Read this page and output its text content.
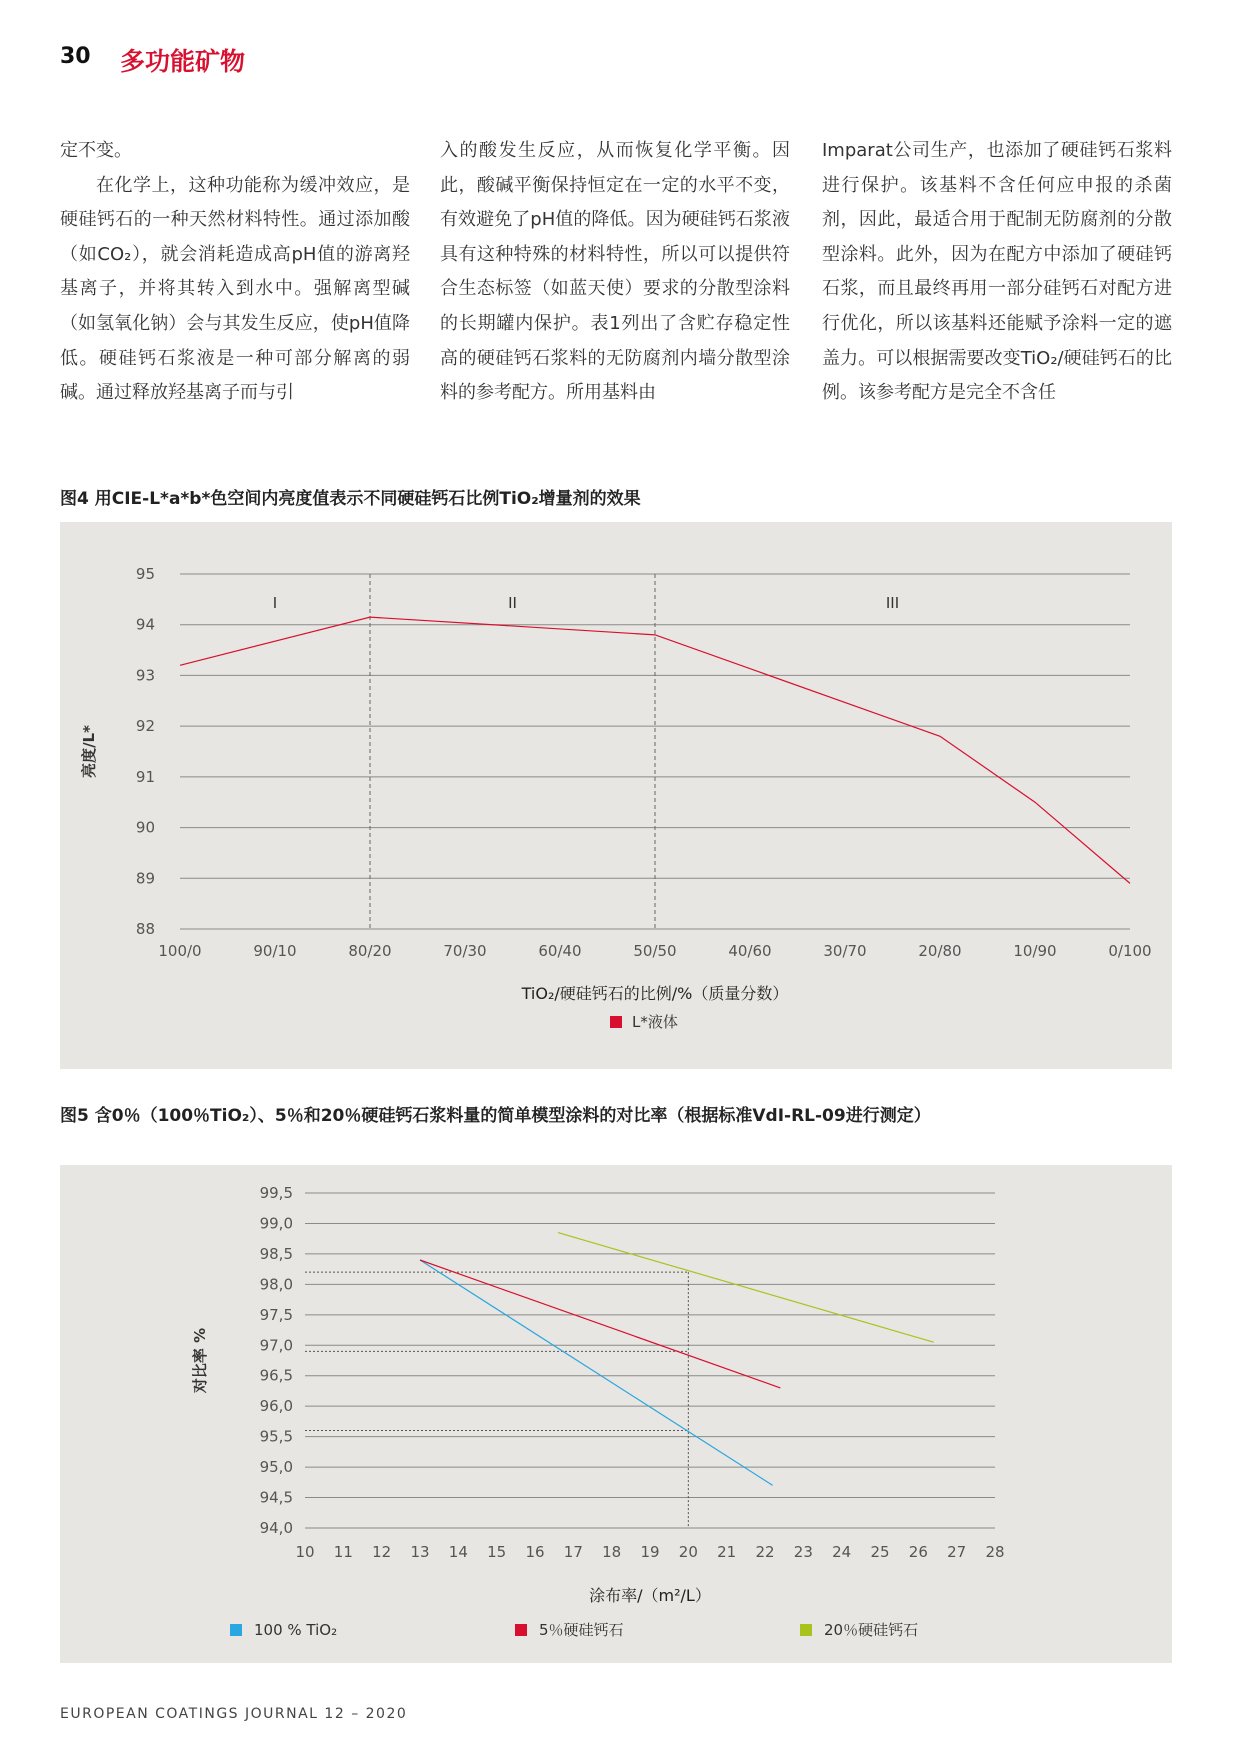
30 多功能矿物

定不变。

在化学上，这种功能称为缓冲效应，是硬硅钙石的一种天然材料特性。通过添加酸（如CO₂），就会消耗造成高pH值的游离羟基离子，并将其转入到水中。强解离型碱（如氢氧化钠）会与其发生反应，使pH值降低。硬硅钙石浆液是一种可部分解离的弱碱。通过释放羟基离子而与引

入的酸发生反应，从而恢复化学平衡。因此，酸碱平衡保持恒定在一定的水平不变，有效避免了pH值的降低。因为硬硅钙石浆液具有这种特殊的材料特性，所以可以提供符合生态标签（如蓝天使）要求的分散型涂料的长期罐内保护。表1列出了含贮存稳定性高的硬硅钙石浆料的无防腐剂内墙分散型涂料的参考配方。所用基料由

Imparat公司生产，也添加了硬硅钙石浆料进行保护。该基料不含任何应申报的杀菌剂，因此，最适合用于配制无防腐剂的分散型涂料。此外，因为在配方中添加了硬硅钙石浆，而且最终再用一部分硅钙石对配方进行优化，所以该基料还能赋予涂料一定的遮盖力。可以根据需要改变TiO₂/硬硅钙石的比例。该参考配方是完全不含任

图4 用CIE-L*a*b*色空间内亮度值表示不同硬硅钙石比例TiO₂增量剂的效果
95
94
93
92
91
90
89
88
I	II	III
100/0	90/10	80/20	70/30	60/40	50/50	40/60	30/70	20/80	10/90	0/100
亮度/L*
TiO₂/硬硅钙石的比例/%（质量分数）
L*液体
图5 含0％（100％TiO₂）、5％和20％硬硅钙石浆料量的简单模型涂料的对比率（根据标准VdI-RL-09进行测定）
99,5
99,0
98,5
98,0
97,5
97,0
96,5
96,0
95,5
95,0
94,5
94,0
10 11 12 13 14 15 16 17 18 19 20 21 22 23 24 25 26 27 28
对比率 %
涂布率/（m²/L）
100 % TiO₂	5％硬硅钙石	20％硬硅钙石
EUROPEAN COATINGS JOURNAL 12 – 2020
